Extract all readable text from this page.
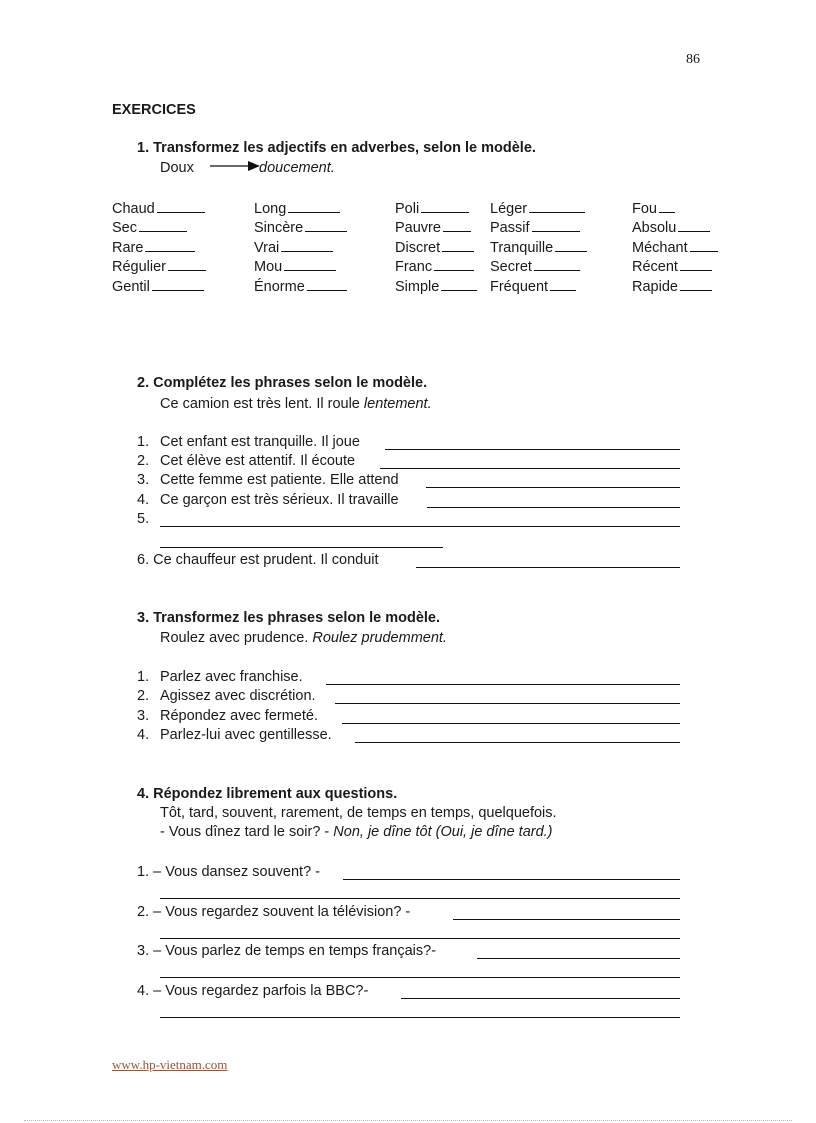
86
EXERCICES
1. Transformez les adjectifs en adverbes, selon le modèle.
Doux	doucement.
Chaud
Sec
Rare
Régulier
Gentil
Long
Sincère
Vrai
Mou
Énorme
Poli
Pauvre
Discret
Franc
Simple
Léger
Passif
Tranquille
Secret
Fréquent
Fou
Absolu
Méchant
Récent
Rapide
2. Complétez les phrases selon le modèle.
Ce camion est très lent. Il roule lentement.
1. Cet enfant est tranquille. Il joue
2. Cet élève est attentif. Il écoute
3. Cette femme est patiente. Elle attend
4. Ce garçon est très sérieux. Il travaille
5.
6. Ce chauffeur est prudent. Il conduit
3. Transformez les phrases selon le modèle.
Roulez avec prudence. Roulez prudemment.
1. Parlez avec franchise.
2. Agissez avec discrétion.
3. Répondez avec fermeté.
4. Parlez-lui avec gentillesse.
4. Répondez librement aux questions.
Tôt, tard, souvent, rarement, de temps en temps, quelquefois.
- Vous dînez tard le soir? - Non, je dîne tôt (Oui, je dîne tard.)
1. – Vous dansez souvent? -
2. – Vous regardez souvent la télévision? -
3. – Vous parlez de temps en temps français?-
4. – Vous regardez parfois la BBC?-
www.hp-vietnam.com
